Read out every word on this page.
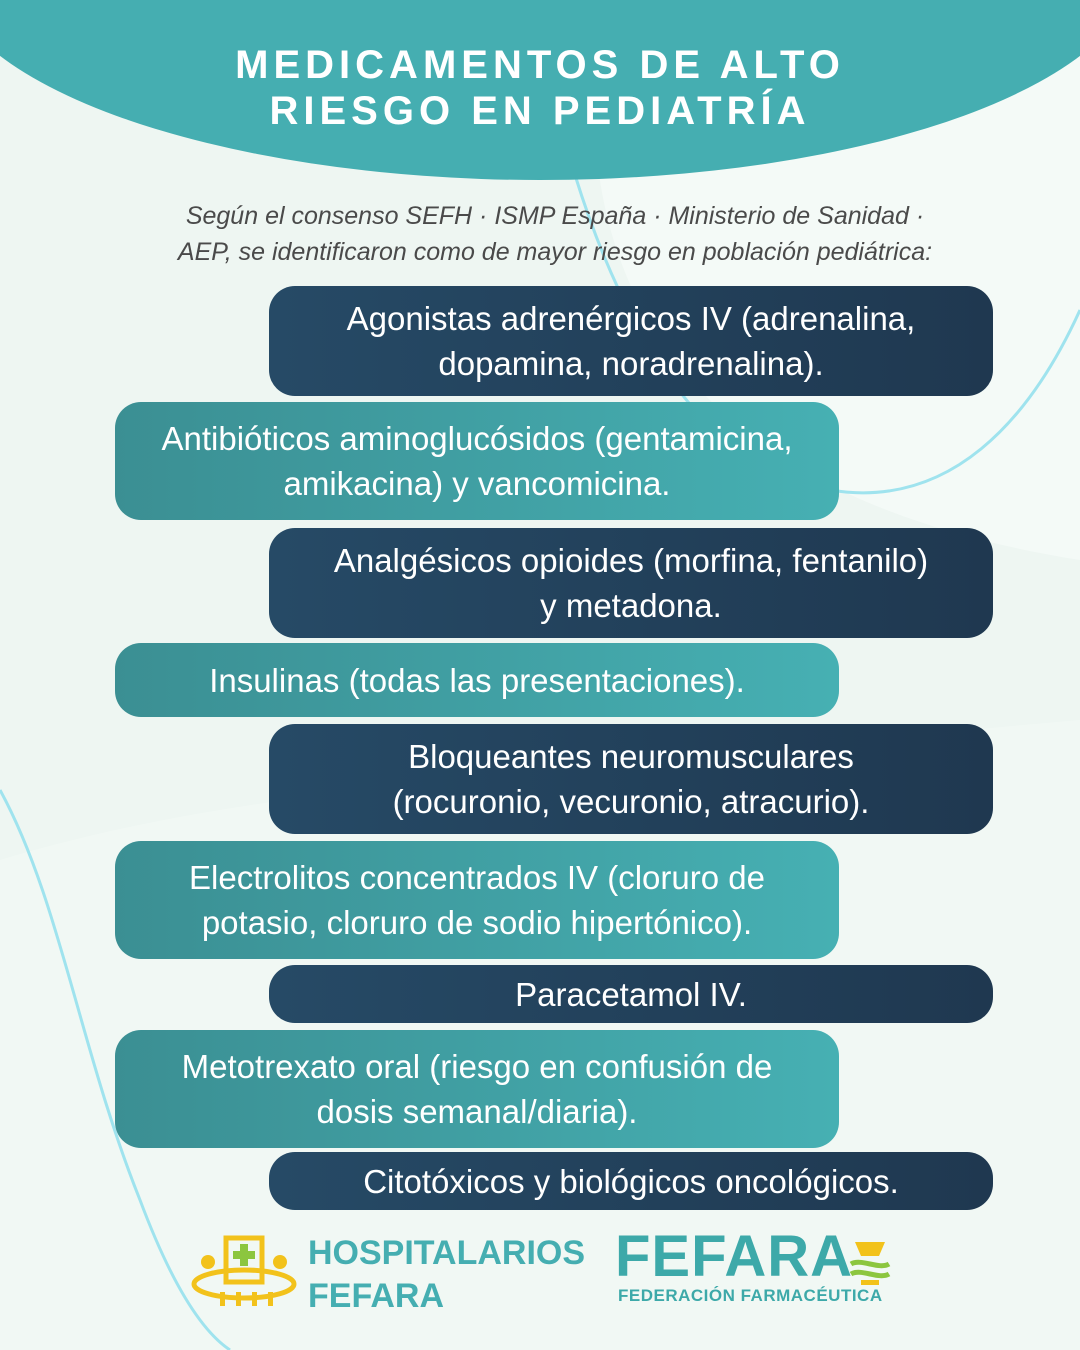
MEDICAMENTOS DE ALTO
RIESGO EN PEDIATRÍA
Según el consenso SEFH · ISMP España · Ministerio de Sanidad ·
AEP, se identificaron como de mayor riesgo en población pediátrica:
Agonistas adrenérgicos IV (adrenalina,
dopamina, noradrenalina).
Antibióticos aminoglucósidos (gentamicina,
amikacina) y vancomicina.
Analgésicos opioides (morfina, fentanilo)
y metadona.
Insulinas (todas las presentaciones).
Bloqueantes neuromusculares
(rocuronio, vecuronio, atracurio).
Electrolitos concentrados IV (cloruro de
potasio, cloruro de sodio hipertónico).
Paracetamol IV.
Metotrexato oral (riesgo en confusión de
dosis semanal/diaria).
Citotóxicos y biológicos oncológicos.
HOSPITALARIOS
FEFARA
FEFARA
FEDERACIÓN FARMACÉUTICA
